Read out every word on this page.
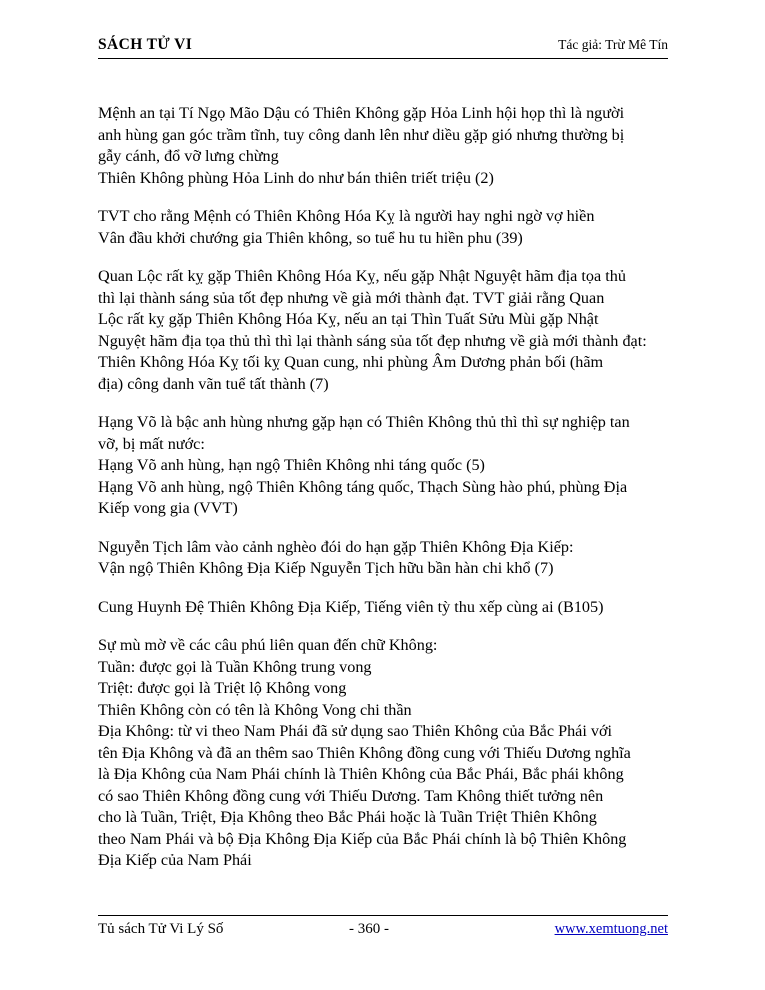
SÁCH TỬ VI	Tác giả: Trừ Mê Tín
Mệnh an tại Tí Ngọ Mão Dậu có Thiên Không gặp Hỏa Linh hội họp thì là người
anh hùng gan góc trầm tĩnh, tuy công danh lên như diều gặp gió nhưng thường bị
gẫy cánh, đổ vỡ lưng chừng
Thiên Không phùng Hỏa Linh do như bán thiên triết triệu (2)
TVT cho rằng Mệnh có Thiên Không Hóa Kỵ là người hay nghi ngờ vợ hiền
Vân đầu khởi chướng gia Thiên không, so tuể hu tu hiền phu (39)
Quan Lộc rất kỵ gặp Thiên Không Hóa Kỵ, nếu gặp Nhật Nguyệt hãm địa tọa thủ
thì lại thành sáng sủa tốt đẹp nhưng về già mới thành đạt. TVT giải rằng Quan
Lộc rất kỵ gặp Thiên Không Hóa Kỵ, nếu an tại Thìn Tuất Sửu Mùi gặp Nhật
Nguyệt hãm địa tọa thủ thì thì lại thành sáng sủa tốt đẹp nhưng về già mới thành đạt:
Thiên Không Hóa Kỵ tối kỵ Quan cung, nhi phùng Âm Dương phản bối (hãm
địa) công danh vãn tuể tất thành (7)
Hạng Võ là bậc anh hùng nhưng gặp hạn có Thiên Không thủ thì thì sự nghiệp tan
vỡ, bị mất nước:
Hạng Võ anh hùng, hạn ngộ Thiên Không nhi táng quốc (5)
Hạng Võ anh hùng, ngộ Thiên Không táng quốc, Thạch Sùng hào phú, phùng Địa
Kiếp vong gia (VVT)
Nguyễn Tịch lâm vào cảnh nghèo đói do hạn gặp Thiên Không Địa Kiếp:
Vận ngộ Thiên Không Địa Kiếp Nguyễn Tịch hữu bần hàn chi khổ (7)
Cung Huynh Đệ Thiên Không Địa Kiếp, Tiếng viên tỳ thu xếp cùng ai (B105)
Sự mù mờ về các câu phú liên quan đến chữ Không:
Tuần: được gọi là Tuần Không trung vong
Triệt: được gọi là Triệt lộ Không vong
Thiên Không còn có tên là Không Vong chi thần
Địa Không: từ vi theo Nam Phái đã sử dụng sao Thiên Không của Bắc Phái với
tên Địa Không và đã an thêm sao Thiên Không đồng cung với Thiếu Dương nghĩa
là Địa Không của Nam Phái chính là Thiên Không của Bắc Phái, Bắc phái không
có sao Thiên Không đồng cung với Thiếu Dương. Tam Không thiết tưởng nên
cho là Tuần, Triệt, Địa Không theo Bắc Phái hoặc là Tuần Triệt Thiên Không
theo Nam Phái và bộ Địa Không Địa Kiếp của Bắc Phái chính là bộ Thiên Không
Địa Kiếp của Nam Phái
Tủ sách Tử Vi Lý Số	- 360 -	www.xemtuong.net
